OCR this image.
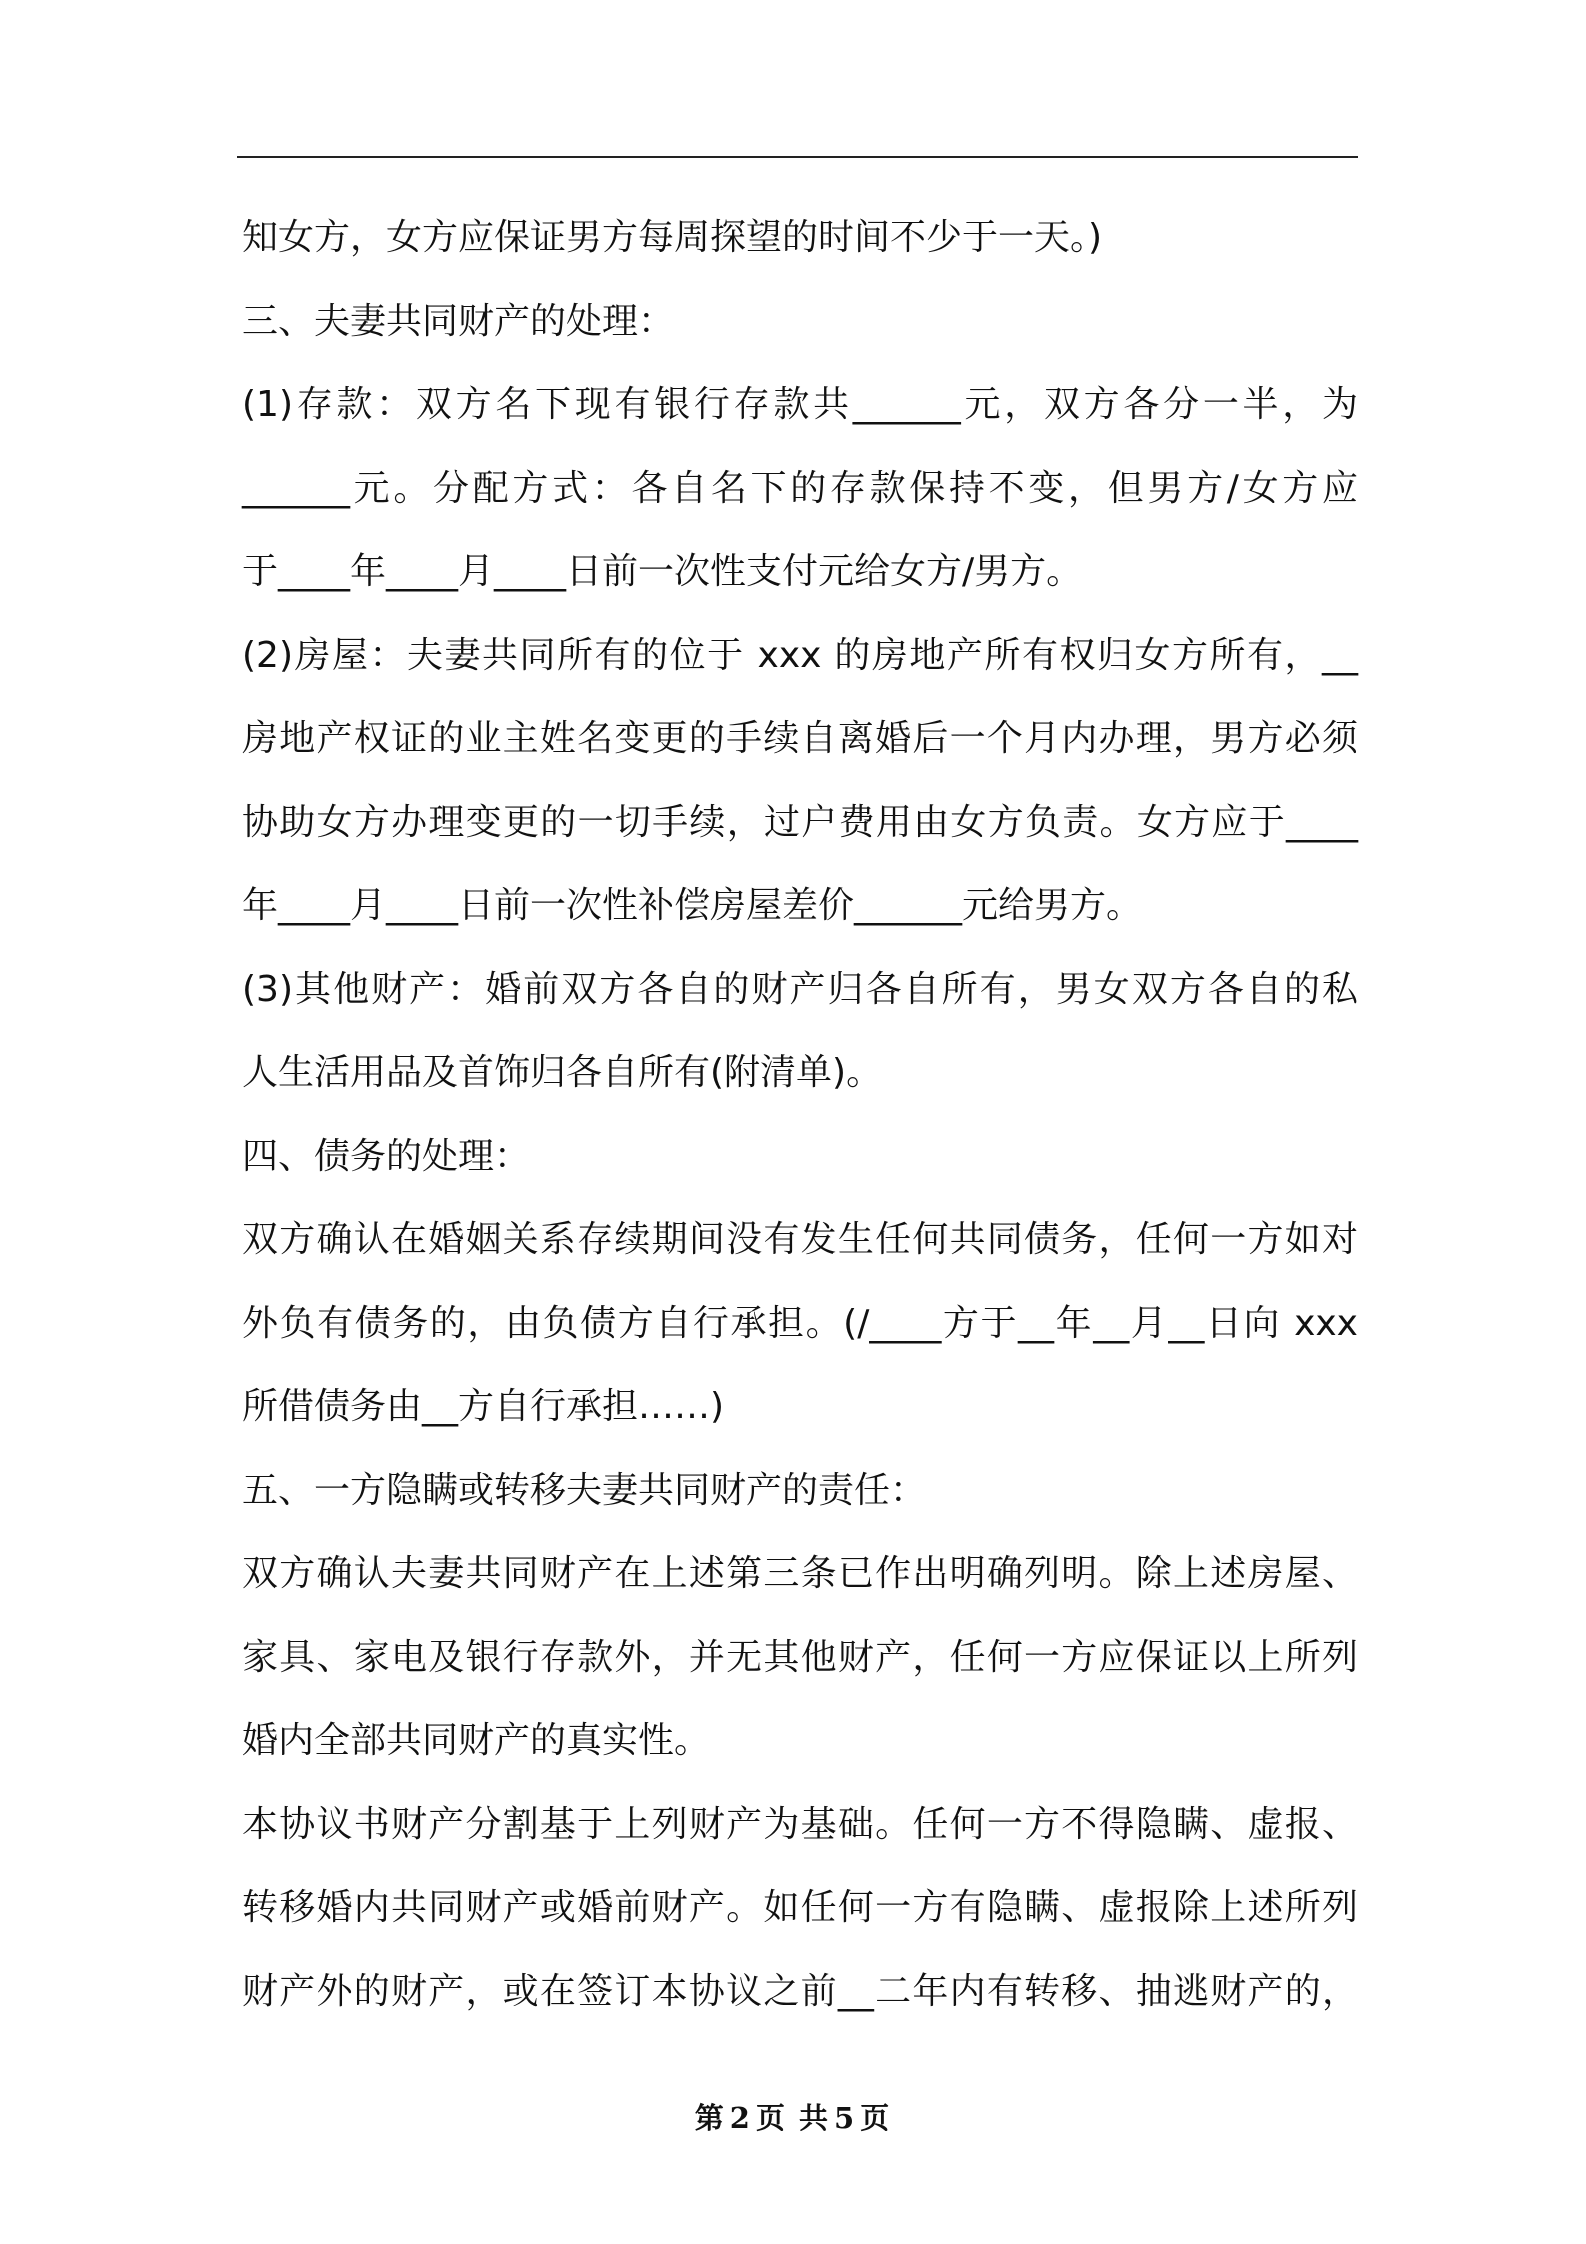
知女方，女方应保证男方每周探望的时间不少于一天。)
三、夫妻共同财产的处理：
(1)存款：双方名下现有银行存款共______元，双方各分一半，为
______元。分配方式：各自名下的存款保持不变，但男方/女方应
于____年____月____日前一次性支付元给女方/男方。
(2)房屋：夫妻共同所有的位于 xxx 的房地产所有权归女方所有，__
房地产权证的业主姓名变更的手续自离婚后一个月内办理，男方必须
协助女方办理变更的一切手续，过户费用由女方负责。女方应于____
年____月____日前一次性补偿房屋差价______元给男方。
(3)其他财产：婚前双方各自的财产归各自所有，男女双方各自的私
人生活用品及首饰归各自所有(附清单)。
四、债务的处理：
双方确认在婚姻关系存续期间没有发生任何共同债务，任何一方如对
外负有债务的，由负债方自行承担。(/____方于__年__月__日向 xxx
所借债务由__方自行承担……)
五、一方隐瞒或转移夫妻共同财产的责任：
双方确认夫妻共同财产在上述第三条已作出明确列明。除上述房屋、
家具、家电及银行存款外，并无其他财产，任何一方应保证以上所列
婚内全部共同财产的真实性。
本协议书财产分割基于上列财产为基础。任何一方不得隐瞒、虚报、
转移婚内共同财产或婚前财产。如任何一方有隐瞒、虚报除上述所列
财产外的财产，或在签订本协议之前__二年内有转移、抽逃财产的，
第 2 页 共 5 页
